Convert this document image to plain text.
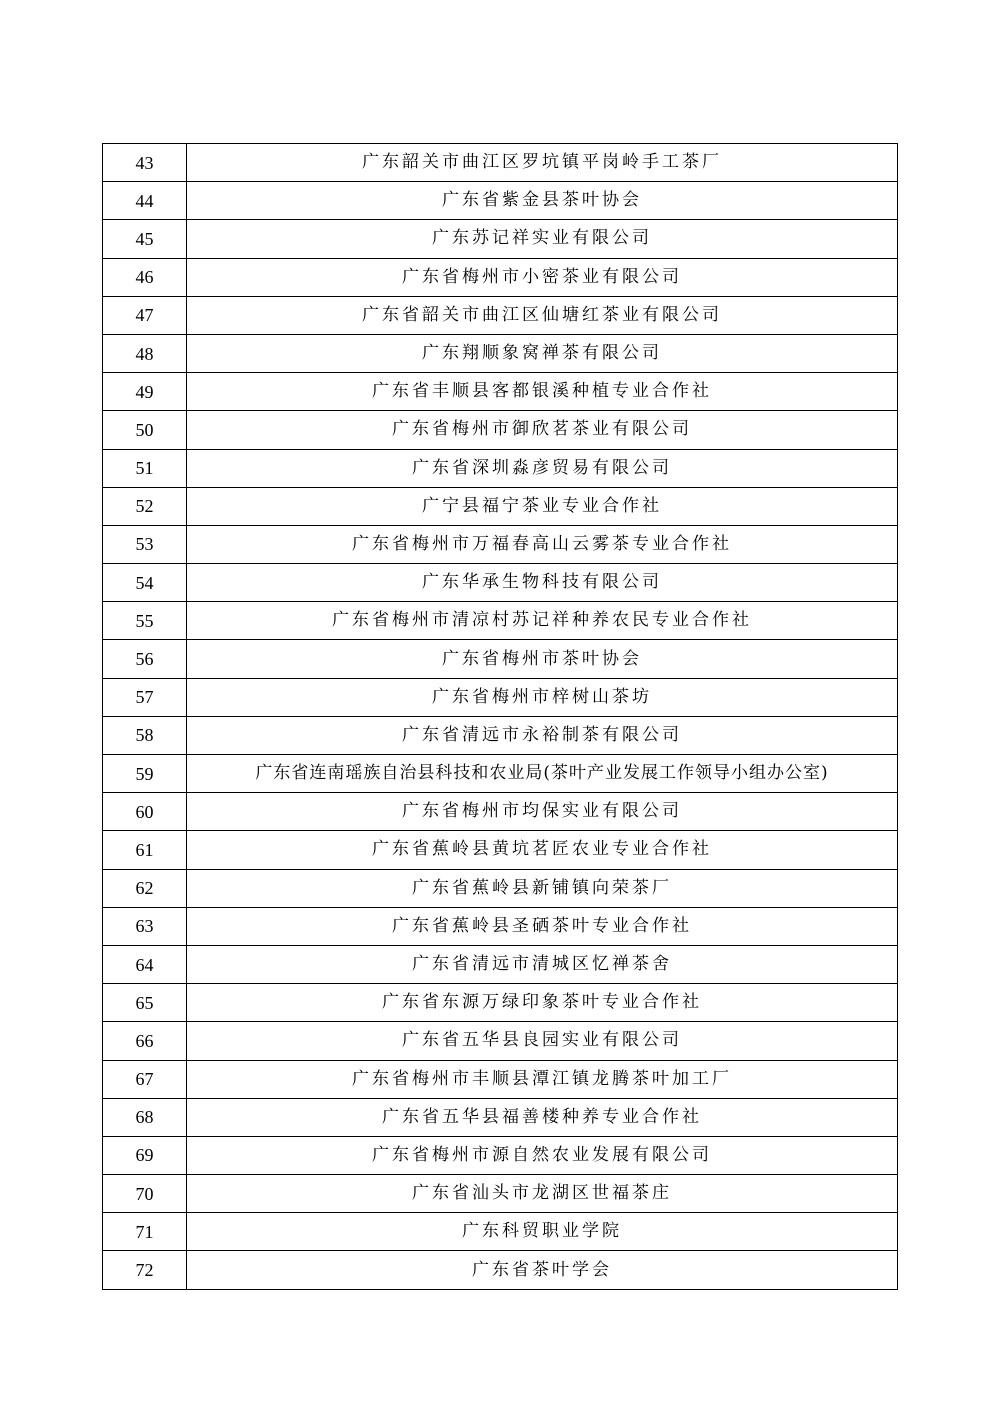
43	广东韶关市曲江区罗坑镇平岗岭手工茶厂
44	广东省紫金县茶叶协会
45	广东苏记祥实业有限公司
46	广东省梅州市小密茶业有限公司
47	广东省韶关市曲江区仙塘红茶业有限公司
48	广东翔顺象窝禅茶有限公司
49	广东省丰顺县客都银溪种植专业合作社
50	广东省梅州市御欣茗茶业有限公司
51	广东省深圳淼彦贸易有限公司
52	广宁县福宁茶业专业合作社
53	广东省梅州市万福春高山云雾茶专业合作社
54	广东华承生物科技有限公司
55	广东省梅州市清凉村苏记祥种养农民专业合作社
56	广东省梅州市茶叶协会
57	广东省梅州市梓树山茶坊
58	广东省清远市永裕制茶有限公司
59	广东省连南瑶族自治县科技和农业局(茶叶产业发展工作领导小组办公室)
60	广东省梅州市均保实业有限公司
61	广东省蕉岭县黄坑茗匠农业专业合作社
62	广东省蕉岭县新铺镇向荣茶厂
63	广东省蕉岭县圣硒茶叶专业合作社
64	广东省清远市清城区忆禅茶舍
65	广东省东源万绿印象茶叶专业合作社
66	广东省五华县良园实业有限公司
67	广东省梅州市丰顺县潭江镇龙腾茶叶加工厂
68	广东省五华县福善楼种养专业合作社
69	广东省梅州市源自然农业发展有限公司
70	广东省汕头市龙湖区世福茶庄
71	广东科贸职业学院
72	广东省茶叶学会
